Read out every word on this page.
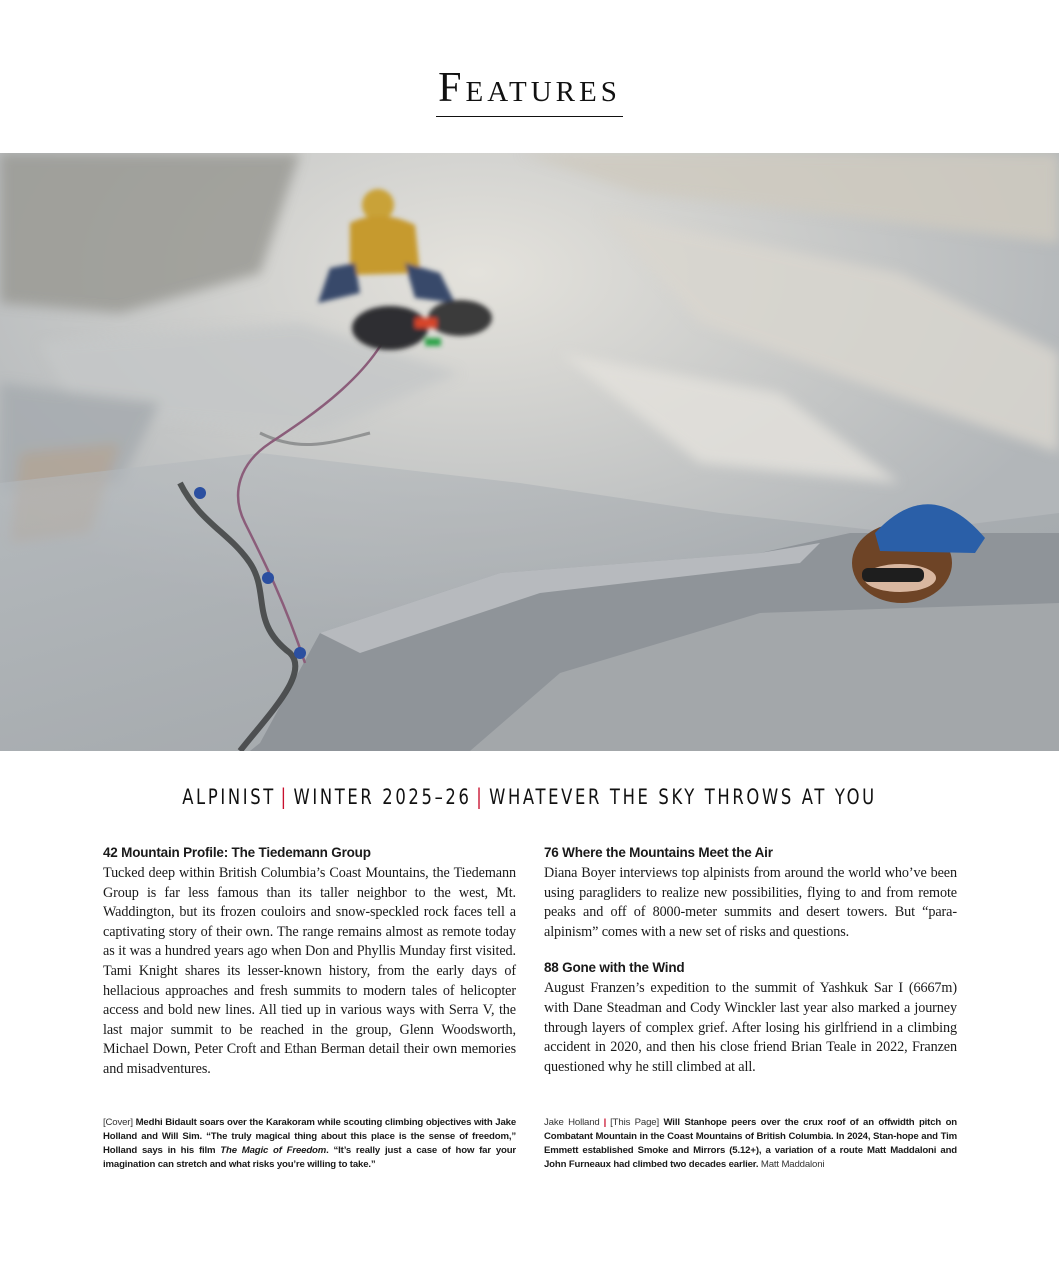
Features
ALPINIST | WINTER 2025–26 | WHATEVER THE SKY THROWS AT YOU

42 Mountain Profile: The Tiedemann Group

Tucked deep within British Columbia’s Coast Mountains, the Tiedemann Group is far less famous than its taller neighbor to the west, Mt. Waddington, but its frozen couloirs and snow-speckled rock faces tell a captivating story of their own. The range remains almost as remote today as it was a hundred years ago when Don and Phyllis Munday first visited. Tami Knight shares its lesser-known history, from the early days of hellacious approaches and fresh summits to modern tales of helicopter access and bold new lines. All tied up in various ways with Serra V, the last major summit to be reached in the group, Glenn Woodsworth, Michael Down, Peter Croft and Ethan Berman detail their own memories and misadventures.

76 Where the Mountains Meet the Air

Diana Boyer interviews top alpinists from around the world who’ve been using paragliders to realize new possibilities, flying to and from remote peaks and off of 8000-meter summits and desert towers. But “para-alpinism” comes with a new set of risks and questions.

88 Gone with the Wind

August Franzen’s expedition to the summit of Yashkuk Sar I (6667m) with Dane Steadman and Cody Winckler last year also marked a journey through layers of complex grief. After losing his girlfriend in a climbing accident in 2020, and then his close friend Brian Teale in 2022, Franzen questioned why he still climbed at all.

[Cover] Medhi Bidault soars over the Karakoram while scouting climbing objectives with Jake Holland and Will Sim. “The truly magical thing about this place is the sense of freedom,” Holland says in his film The Magic of Freedom. “It’s really just a case of how far your imagination can stretch and what risks you’re willing to take.”
Jake Holland | [This Page] Will Stanhope peers over the crux roof of an offwidth pitch on Combatant Mountain in the Coast Mountains of British Columbia. In 2024, Stan-hope and Tim Emmett established Smoke and Mirrors (5.12+), a variation of a route Matt Maddaloni and John Furneaux had climbed two decades earlier. Matt Maddaloni
